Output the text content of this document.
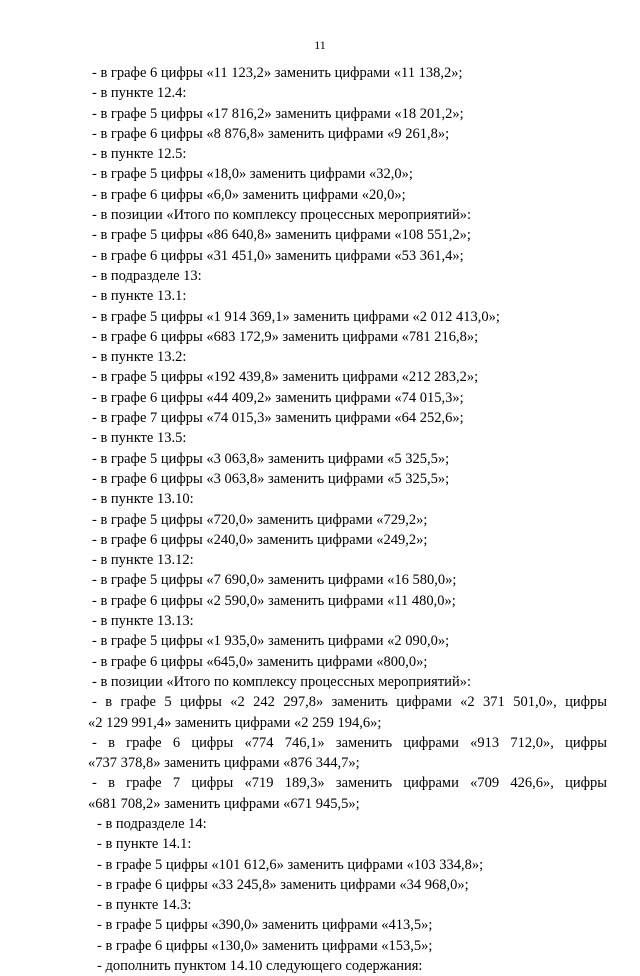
11
- в графе 6 цифры «11 123,2» заменить цифрами «11 138,2»;
- в пункте 12.4:
- в графе 5 цифры «17 816,2» заменить цифрами «18 201,2»;
- в графе 6 цифры «8 876,8» заменить цифрами «9 261,8»;
- в пункте 12.5:
- в графе 5 цифры «18,0» заменить цифрами «32,0»;
- в графе 6 цифры «6,0» заменить цифрами «20,0»;
- в позиции «Итого по комплексу процессных мероприятий»:
- в графе 5 цифры «86 640,8» заменить цифрами «108 551,2»;
- в графе 6 цифры «31 451,0» заменить цифрами «53 361,4»;
- в подразделе 13:
- в пункте 13.1:
- в графе 5 цифры «1 914 369,1» заменить цифрами «2 012 413,0»;
- в графе 6 цифры «683 172,9» заменить цифрами «781 216,8»;
- в пункте 13.2:
- в графе 5 цифры «192 439,8» заменить цифрами «212 283,2»;
- в графе 6 цифры «44 409,2» заменить цифрами «74 015,3»;
- в графе 7 цифры «74 015,3» заменить цифрами «64 252,6»;
- в пункте 13.5:
- в графе 5 цифры «3 063,8» заменить цифрами «5 325,5»;
- в графе 6 цифры «3 063,8» заменить цифрами «5 325,5»;
- в пункте 13.10:
- в графе 5 цифры «720,0» заменить цифрами «729,2»;
- в графе 6 цифры «240,0» заменить цифрами «249,2»;
- в пункте 13.12:
- в графе 5 цифры «7 690,0» заменить цифрами «16 580,0»;
- в графе 6 цифры «2 590,0» заменить цифрами «11 480,0»;
- в пункте 13.13:
- в графе 5 цифры «1 935,0» заменить цифрами «2 090,0»;
- в графе 6 цифры «645,0» заменить цифрами «800,0»;
- в позиции «Итого по комплексу процессных мероприятий»:
- в графе 5 цифры «2 242 297,8» заменить цифрами «2 371 501,0», цифры
«2 129 991,4» заменить цифрами «2 259 194,6»;
- в графе 6 цифры «774 746,1» заменить цифрами «913 712,0», цифры
«737 378,8» заменить цифрами «876 344,7»;
- в графе 7 цифры «719 189,3» заменить цифрами «709 426,6», цифры
«681 708,2» заменить цифрами «671 945,5»;
- в подразделе 14:
- в пункте 14.1:
- в графе 5 цифры «101 612,6» заменить цифрами «103 334,8»;
- в графе 6 цифры «33 245,8» заменить цифрами «34 968,0»;
- в пункте 14.3:
- в графе 5 цифры «390,0» заменить цифрами «413,5»;
- в графе 6 цифры «130,0» заменить цифрами «153,5»;
- дополнить пунктом 14.10 следующего содержания:
